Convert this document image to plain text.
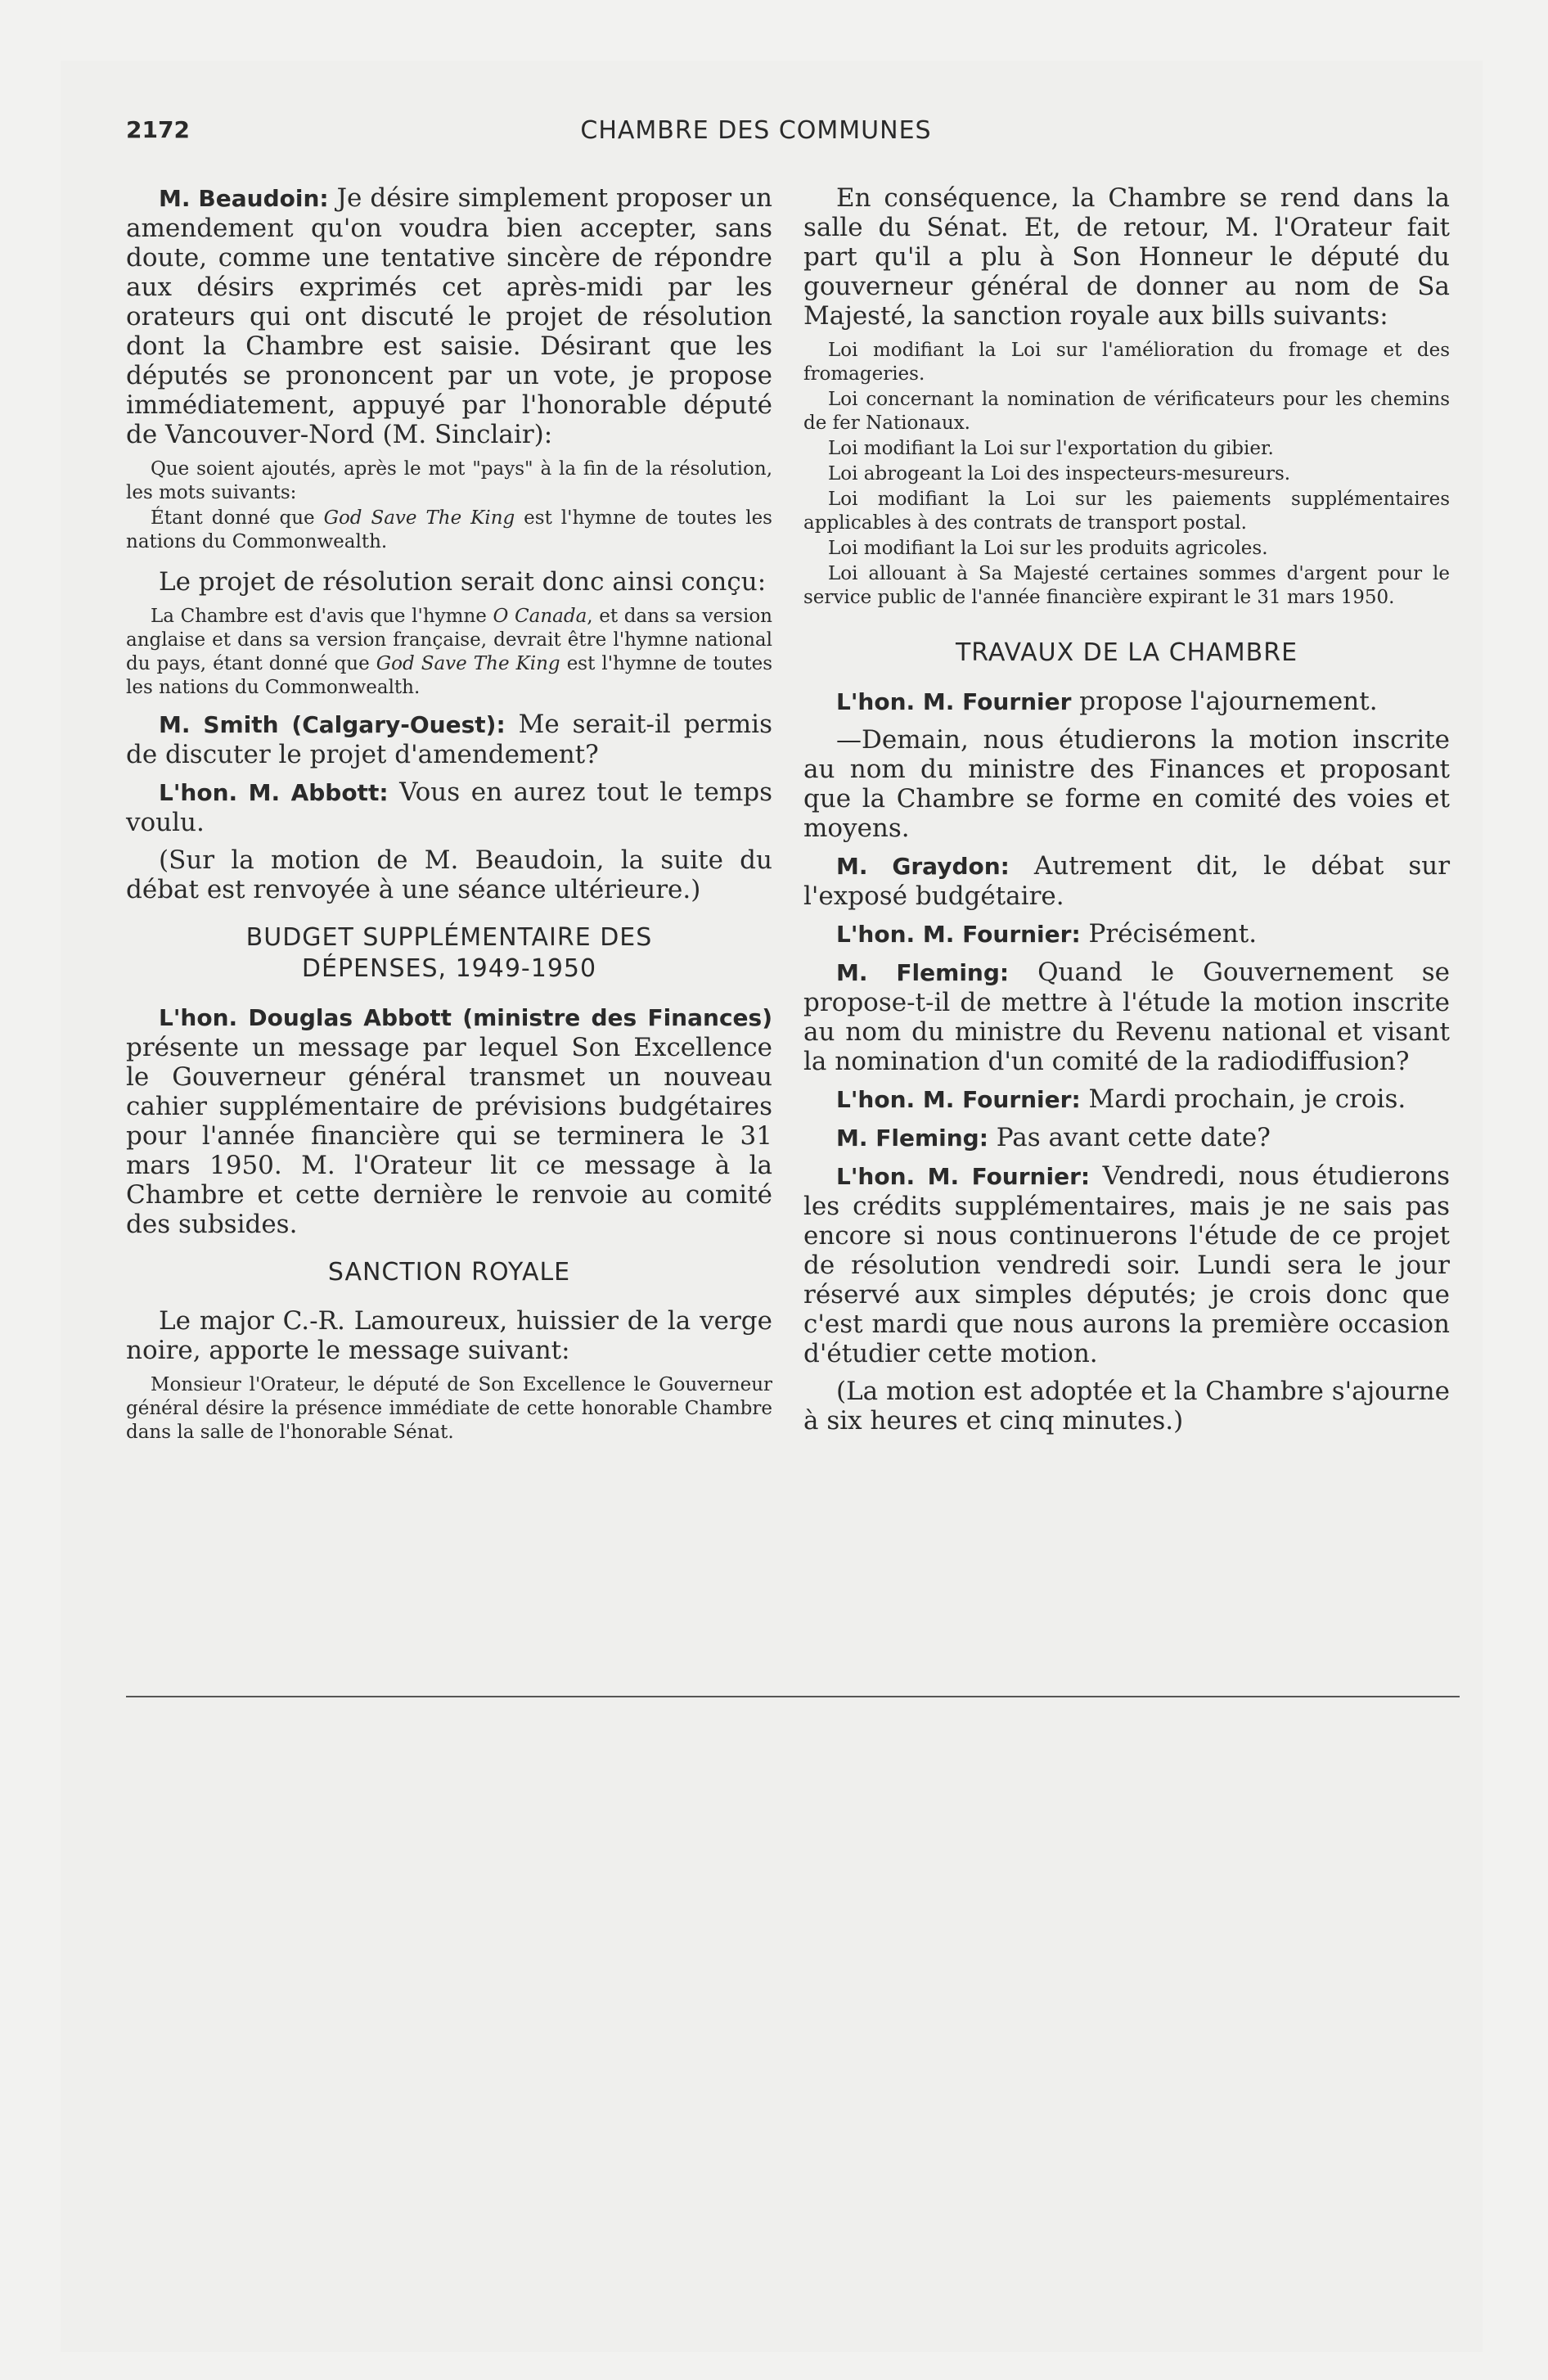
2172	CHAMBRE DES COMMUNES

M. Beaudoin: Je désire simplement proposer un amendement qu'on voudra bien accepter, sans doute, comme une tentative sincère de répondre aux désirs exprimés cet après-midi par les orateurs qui ont discuté le projet de résolution dont la Chambre est saisie. Désirant que les députés se prononcent par un vote, je propose immédiatement, appuyé par l'honorable député de Vancouver-Nord (M. Sinclair):

Que soient ajoutés, après le mot "pays" à la fin de la résolution, les mots suivants:

Étant donné que God Save The King est l'hymne de toutes les nations du Commonwealth.

Le projet de résolution serait donc ainsi conçu:

La Chambre est d'avis que l'hymne O Canada, et dans sa version anglaise et dans sa version française, devrait être l'hymne national du pays, étant donné que God Save The King est l'hymne de toutes les nations du Commonwealth.

M. Smith (Calgary-Ouest): Me serait-il permis de discuter le projet d'amendement?

L'hon. M. Abbott: Vous en aurez tout le temps voulu.

(Sur la motion de M. Beaudoin, la suite du débat est renvoyée à une séance ultérieure.)

BUDGET SUPPLÉMENTAIRE DES
DÉPENSES, 1949-1950

L'hon. Douglas Abbott (ministre des Finances) présente un message par lequel Son Excellence le Gouverneur général transmet un nouveau cahier supplémentaire de prévisions budgétaires pour l'année financière qui se terminera le 31 mars 1950. M. l'Orateur lit ce message à la Chambre et cette dernière le renvoie au comité des subsides.

SANCTION ROYALE

Le major C.-R. Lamoureux, huissier de la verge noire, apporte le message suivant:

Monsieur l'Orateur, le député de Son Excellence le Gouverneur général désire la présence immédiate de cette honorable Chambre dans la salle de l'honorable Sénat.

En conséquence, la Chambre se rend dans la salle du Sénat. Et, de retour, M. l'Orateur fait part qu'il a plu à Son Honneur le député du gouverneur général de donner au nom de Sa Majesté, la sanction royale aux bills suivants:

Loi modifiant la Loi sur l'amélioration du fromage et des fromageries.

Loi concernant la nomination de vérificateurs pour les chemins de fer Nationaux.

Loi modifiant la Loi sur l'exportation du gibier.

Loi abrogeant la Loi des inspecteurs-mesureurs.

Loi modifiant la Loi sur les paiements supplémentaires applicables à des contrats de transport postal.

Loi modifiant la Loi sur les produits agricoles.

Loi allouant à Sa Majesté certaines sommes d'argent pour le service public de l'année financière expirant le 31 mars 1950.

TRAVAUX DE LA CHAMBRE

L'hon. M. Fournier propose l'ajournement.

—Demain, nous étudierons la motion inscrite au nom du ministre des Finances et proposant que la Chambre se forme en comité des voies et moyens.

M. Graydon: Autrement dit, le débat sur l'exposé budgétaire.

L'hon. M. Fournier: Précisément.

M. Fleming: Quand le Gouvernement se propose-t-il de mettre à l'étude la motion inscrite au nom du ministre du Revenu national et visant la nomination d'un comité de la radiodiffusion?

L'hon. M. Fournier: Mardi prochain, je crois.

M. Fleming: Pas avant cette date?

L'hon. M. Fournier: Vendredi, nous étudierons les crédits supplémentaires, mais je ne sais pas encore si nous continuerons l'étude de ce projet de résolution vendredi soir. Lundi sera le jour réservé aux simples députés; je crois donc que c'est mardi que nous aurons la première occasion d'étudier cette motion.

(La motion est adoptée et la Chambre s'ajourne à six heures et cinq minutes.)
